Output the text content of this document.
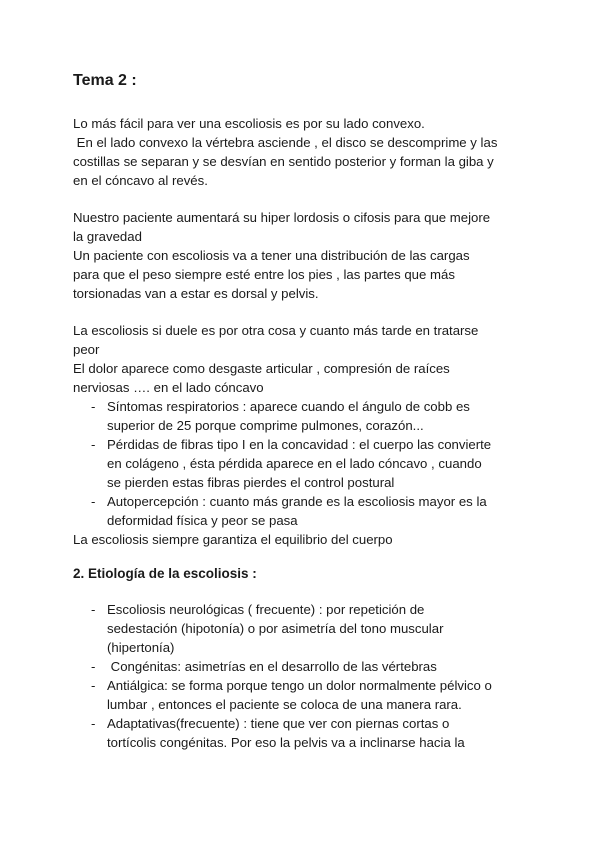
Tema 2 :

Lo más fácil para ver una escoliosis es por su lado convexo.
En el lado convexo la vértebra asciende , el disco se descomprime y las
costillas se separan y se desvían en sentido posterior y forman la giba y
en el cóncavo al revés.

Nuestro paciente aumentará su hiper lordosis o cifosis para que mejore
la gravedad
Un paciente con escoliosis va a tener una distribución de las cargas
para que el peso siempre esté entre los pies , las partes que más
torsionadas van a estar es dorsal y pelvis.

La escoliosis si duele es por otra cosa y cuanto más tarde en tratarse
peor
El dolor aparece como desgaste articular , compresión de raíces
nerviosas …. en el lado cóncavo
- Síntomas respiratorios : aparece cuando el ángulo de cobb es
superior de 25 porque comprime pulmones, corazón...
- Pérdidas de fibras tipo I en la concavidad : el cuerpo las convierte
en colágeno , ésta pérdida aparece en el lado cóncavo , cuando
se pierden estas fibras pierdes el control postural
- Autopercepción : cuanto más grande es la escoliosis mayor es la
deformidad física y peor se pasa
La escoliosis siempre garantiza el equilibrio del cuerpo
2. Etiología de la escoliosis :
- Escoliosis neurológicas ( frecuente) : por repetición de
sedestación (hipotonía) o por asimetría del tono muscular
(hipertonía)
-  Congénitas: asimetrías en el desarrollo de las vértebras
- Antiálgica: se forma porque tengo un dolor normalmente pélvico o
lumbar , entonces el paciente se coloca de una manera rara.
- Adaptativas(frecuente) : tiene que ver con piernas cortas o
tortícolis congénitas. Por eso la pelvis va a inclinarse hacia la
